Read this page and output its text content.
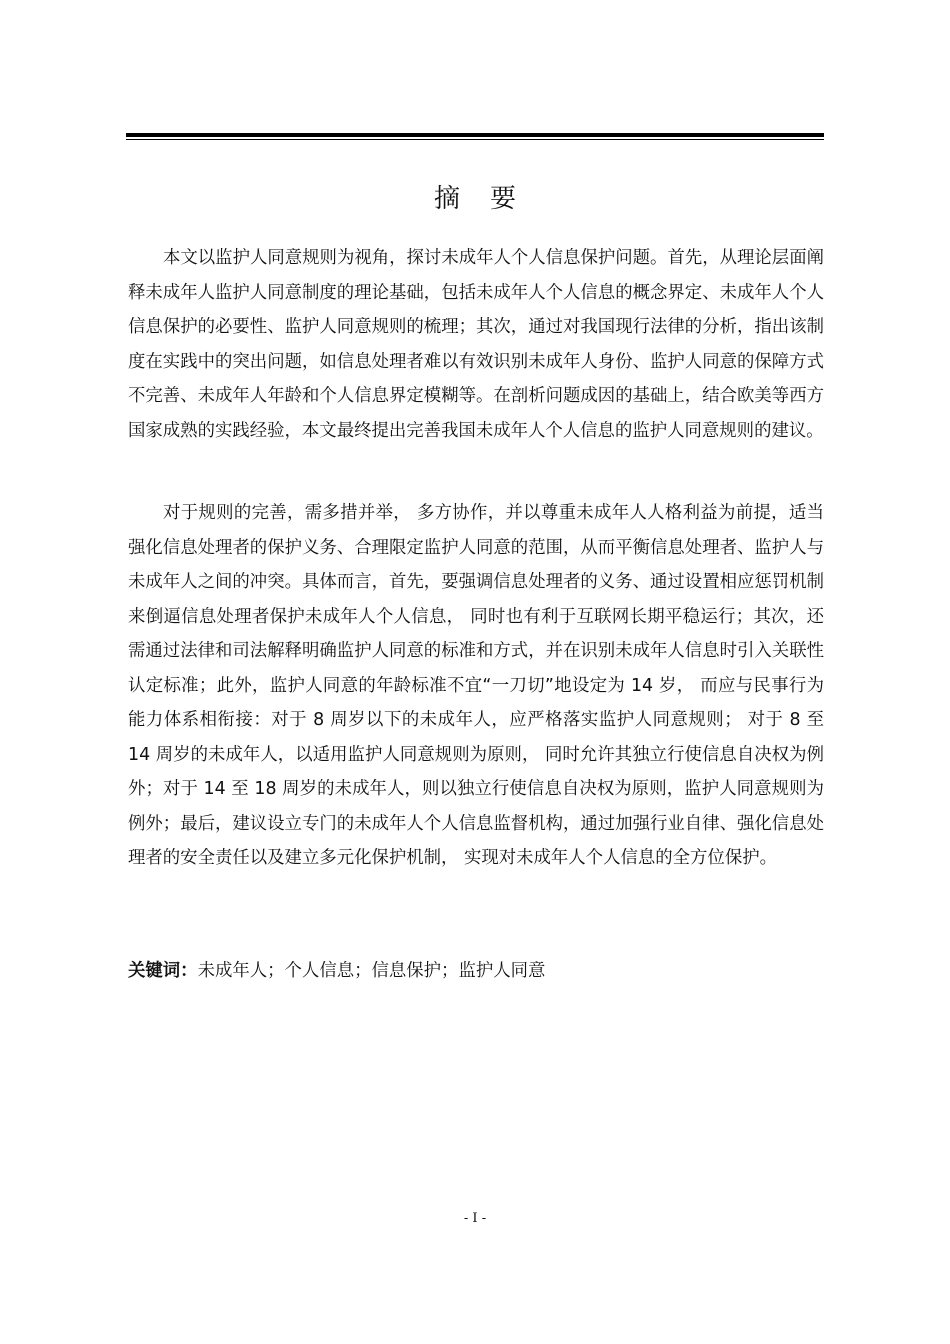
摘要

本文以监护人同意规则为视角，探讨未成年人个人信息保护问题。首先，从理论层面阐释未成年人监护人同意制度的理论基础，包括未成年人个人信息的概念界定、未成年人个人信息保护的必要性、监护人同意规则的梳理；其次，通过对我国现行法律的分析，指出该制度在实践中的突出问题，如信息处理者难以有效识别未成年人身份、监护人同意的保障方式不完善、未成年人年龄和个人信息界定模糊等。在剖析问题成因的基础上，结合欧美等西方国家成熟的实践经验，本文最终提出完善我国未成年人个人信息的监护人同意规则的建议。

对于规则的完善，需多措并举， 多方协作，并以尊重未成年人人格利益为前提，适当强化信息处理者的保护义务、合理限定监护人同意的范围，从而平衡信息处理者、监护人与未成年人之间的冲突。具体而言，首先，要强调信息处理者的义务、通过设置相应惩罚机制来倒逼信息处理者保护未成年人个人信息， 同时也有利于互联网长期平稳运行；其次，还需通过法律和司法解释明确监护人同意的标准和方式，并在识别未成年人信息时引入关联性认定标准；此外，监护人同意的年龄标准不宜“一刀切”地设定为 14 岁， 而应与民事行为能力体系相衔接：对于 8 周岁以下的未成年人，应严格落实监护人同意规则； 对于 8 至 14 周岁的未成年人，以适用监护人同意规则为原则， 同时允许其独立行使信息自决权为例外；对于 14 至 18 周岁的未成年人，则以独立行使信息自决权为原则，监护人同意规则为例外；最后，建议设立专门的未成年人个人信息监督机构，通过加强行业自律、强化信息处理者的安全责任以及建立多元化保护机制， 实现对未成年人个人信息的全方位保护。

关键词：未成年人；个人信息；信息保护；监护人同意
- I -
